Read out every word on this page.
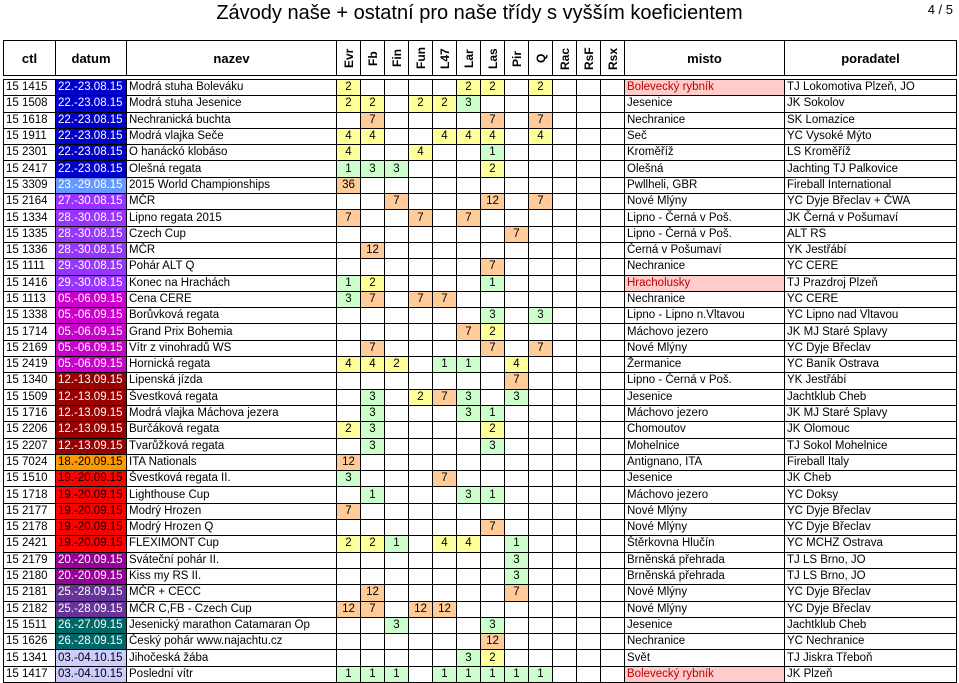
Závody naše + ostatní pro naše třídy s vyšším koeficientem	4 / 5
ctl	datum	nazev	Evr	Fb	Fin	Fun	L47	Lar	Las	Pir	Q	Rac	RsF	Rsx	misto	poradatel

15 1415	22.-23.08.15	Modrá stuha Boleváku	2					2	2		2				Bolevecký rybník	TJ Lokomotiva Plzeň, JO
15 1508	22.-23.08.15	Modrá stuha Jesenice	2	2		2	2	3							Jesenice	JK Sokolov
15 1618	22.-23.08.15	Nechranická buchta		7					7		7				Nechranice	SK Lomazice
15 1911	22.-23.08.15	Modrá vlajka Seče	4	4			4	4	4		4				Seč	YC Vysoké Mýto
15 2301	22.-23.08.15	O hanáckó klobáso	4			4			1						Kroměříž	LS Kroměříž
15 2417	22.-23.08.15	Olešná regata	1	3	3				2						Olešná	Jachting TJ Palkovice
15 3309	23.-29.08.15	2015 World Championships	36												Pwllheli, GBR	Fireball International
15 2164	27.-30.08.15	MČR			7				12		7				Nové Mlýny	YC Dyje Břeclav + ČWA
15 1334	28.-30.08.15	Lipno regata 2015	7			7		7							Lipno - Černá v Poš.	JK Černá v Pošumaví
15 1335	28.-30.08.15	Czech Cup								7					Lipno - Černá v Poš.	ALT RS
15 1336	28.-30.08.15	MČR		12											Černá v Pošumaví	YK Jestřábí
15 1111	29.-30.08.15	Pohár ALT Q							7						Nechranice	YC CERE
15 1416	29.-30.08.15	Konec na Hrachách	1	2					1						Hracholusky	TJ Prazdroj Plzeň
15 1113	05.-06.09.15	Cena CERE	3	7		7	7								Nechranice	YC CERE
15 1338	05.-06.09.15	Borůvková regata							3		3				Lipno - Lipno n.Vltavou	YC Lipno nad Vltavou
15 1714	05.-06.09.15	Grand Prix Bohemia						7	2						Máchovo jezero	JK MJ Staré Splavy
15 2169	05.-06.09.15	Vítr z vinohradů WS		7					7		7				Nové Mlýny	YC Dyje Břeclav
15 2419	05.-06.09.15	Hornická regata	4	4	2		1	1		4					Žermanice	YC Baník Ostrava
15 1340	12.-13.09.15	Lipenská jízda								7					Lipno - Černá v Poš.	YK Jestřábí
15 1509	12.-13.09.15	Švestková regata		3		2	7	3		3					Jesenice	Jachtklub Cheb
15 1716	12.-13.09.15	Modrá vlajka Máchova jezera		3				3	1						Máchovo jezero	JK MJ Staré Splavy
15 2206	12.-13.09.15	Burčáková regata	2	3					2						Chomoutov	JK Olomouc
15 2207	12.-13.09.15	Tvarůžková regata		3					3						Mohelnice	TJ Sokol Mohelnice
15 7024	18.-20.09.15	ITA Nationals	12												Antignano, ITA	Fireball Italy
15 1510	19.-20.09.15	Švestková regata II.	3				7								Jesenice	JK Cheb
15 1718	19.-20.09.15	Lighthouse Cup		1				3	1						Máchovo jezero	YC Doksy
15 2177	19.-20.09.15	Modrý Hrozen	7												Nové Mlýny	YC Dyje Břeclav
15 2178	19.-20.09.15	Modrý Hrozen Q							7						Nové Mlýny	YC Dyje Břeclav
15 2421	19.-20.09.15	FLEXIMONT Cup	2	2	1		4	4		1					Štěrkovna Hlučín	YC MCHZ Ostrava
15 2179	20.-20.09.15	Sváteční pohár II.								3					Brněnská přehrada	TJ LS Brno, JO
15 2180	20.-20.09.15	Kiss my RS II.								3					Brněnská přehrada	TJ LS Brno, JO
15 2181	25.-28.09.15	MČR + CECC		12						7					Nové Mlýny	YC Dyje Břeclav
15 2182	25.-28.09.15	MČR C,FB - Czech Cup	12	7		12	12								Nové Mlýny	YC Dyje Břeclav
15 1511	26.-27.09.15	Jesenický marathon Catamaran Op			3				3						Jesenice	Jachtklub Cheb
15 1626	26.-28.09.15	Český pohár www.najachtu.cz							12						Nechranice	YC Nechranice
15 1341	03.-04.10.15	Jihočeská žába						3	2						Svět	TJ Jiskra Třeboň
15 1417	03.-04.10.15	Poslední vítr	1	1	1		1	1	1	1	1				Bolevecký rybník	JK Plzeň
